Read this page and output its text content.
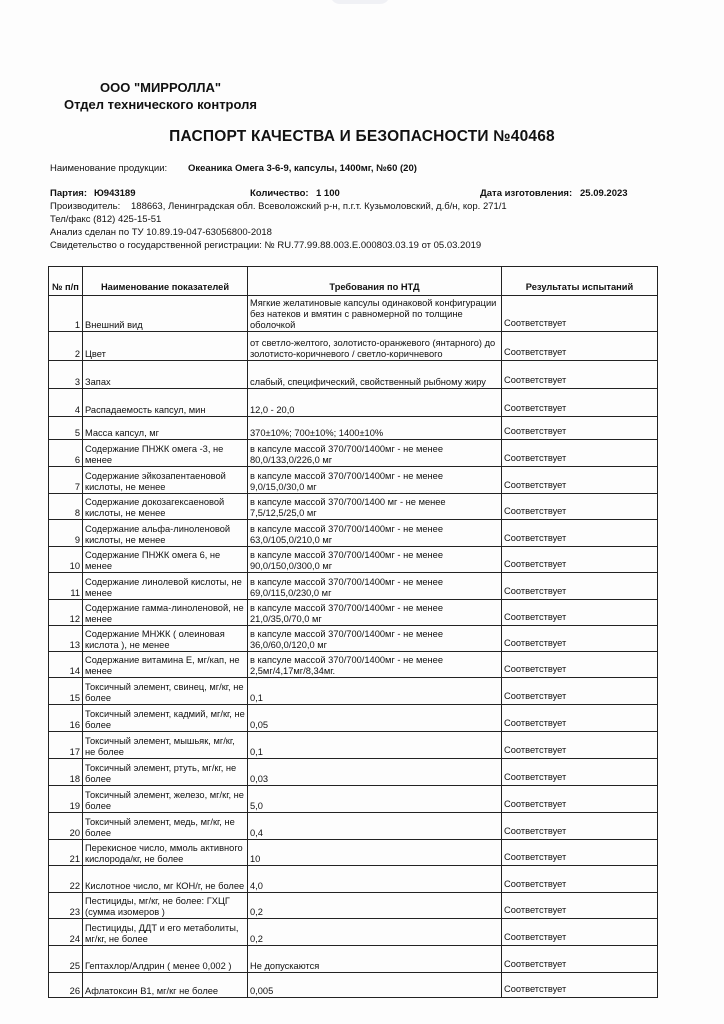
ООО "МИРРОЛЛА"
Отдел технического контроля
ПАСПОРТ КАЧЕСТВА И БЕЗОПАСНОСТИ №40468
Наименование продукции: Океаника Омега 3-6-9, капсулы, 1400мг, №60 (20)
Партия: Ю943189	Количество: 1 100	Дата изготовления: 25.09.2023
Производитель: 188663, Ленинградская обл. Всеволожский р-н, п.г.т. Кузьмоловский, д.б/н, кор. 271/1
Тел/факс (812) 425-15-51
Анализ сделан по ТУ 10.89.19-047-63056800-2018
Свидетельство о государственной регистрации: № RU.77.99.88.003.Е.000803.03.19 от 05.03.2019
№ п/п	Наименование показателей	Требования по НТД	Результаты испытаний
1	Внешний вид	Мягкие желатиновые капсулы одинаковой конфигурации без натеков и вмятин с равномерной по толщине оболочкой	Соответствует
2	Цвет	от светло-желтого, золотисто-оранжевого (янтарного) до золотисто-коричневого / светло-коричневого	Соответствует
3	Запах	слабый, специфический, свойственный рыбному жиру	Соответствует
4	Распадаемость капсул, мин	12,0 - 20,0	Соответствует
5	Масса капсул, мг	370±10%; 700±10%; 1400±10%	Соответствует
6	Содержание ПНЖК омега -3, не менее	в капсуле массой 370/700/1400мг - не менее 80,0/133,0/226,0 мг	Соответствует
7	Содержание эйкозапентаеновой кислоты, не менее	в капсуле массой 370/700/1400мг - не менее 9,0/15,0/30,0 мг	Соответствует
8	Содержание докозагексаеновой кислоты, не менее	в капсуле массой 370/700/1400 мг - не менее 7,5/12,5/25,0 мг	Соответствует
9	Содержание альфа-линоленовой кислоты, не менее	в капсуле массой 370/700/1400мг - не менее 63,0/105,0/210,0 мг	Соответствует
10	Содержание ПНЖК омега 6, не менее	в капсуле массой 370/700/1400мг - не менее 90,0/150,0/300,0 мг	Соответствует
11	Содержание линолевой кислоты, не менее	в капсуле массой 370/700/1400мг - не менее 69,0/115,0/230,0 мг	Соответствует
12	Содержание гамма-линоленовой, не менее	в капсуле массой 370/700/1400мг - не менее 21,0/35,0/70,0 мг	Соответствует
13	Содержание МНЖК ( олеиновая кислота ), не менее	в капсуле массой 370/700/1400мг - не менее 36,0/60,0/120,0 мг	Соответствует
14	Содержание витамина Е, мг/кап, не менее	в капсуле массой 370/700/1400мг - не менее 2,5мг/4,17мг/8,34мг.	Соответствует
15	Токсичный элемент, свинец, мг/кг, не более	0,1	Соответствует
16	Токсичный элемент, кадмий, мг/кг, не более	0,05	Соответствует
17	Токсичный элемент, мышьяк, мг/кг, не более	0,1	Соответствует
18	Токсичный элемент, ртуть, мг/кг, не более	0,03	Соответствует
19	Токсичный элемент, железо, мг/кг, не более	5,0	Соответствует
20	Токсичный элемент, медь, мг/кг, не более	0,4	Соответствует
21	Перекисное число, ммоль активного кислорода/кг, не более	10	Соответствует
22	Кислотное число, мг КОН/г, не более	4,0	Соответствует
23	Пестициды, мг/кг, не более: ГХЦГ (сумма изомеров )	0,2	Соответствует
24	Пестициды, ДДТ и его метаболиты, мг/кг, не более	0,2	Соответствует
25	Гептахлор/Алдрин ( менее 0,002 )	Не допускаются	Соответствует
26	Афлатоксин В1, мг/кг не более	0,005	Соответствует
